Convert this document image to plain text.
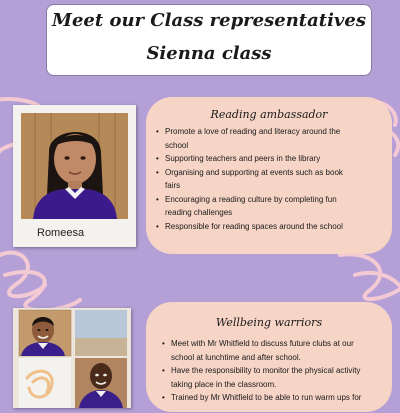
Meet our Class representatives
Sienna class
Romeesa
Reading ambassador
• Promote a love of reading and literacy around the school
• Supporting teachers and peers in the library
• Organising and supporting at events such as book fairs
• Encouraging a reading culture by completing fun reading challenges
• Responsible for reading spaces around the school
Wellbeing warriors
• Meet with Mr Whitfield to discuss future clubs at our school at lunchtime and after school.
• Have the responsibility to monitor the physical activity taking place in the classroom.
• Trained by Mr Whitfield to be able to run warm ups for
